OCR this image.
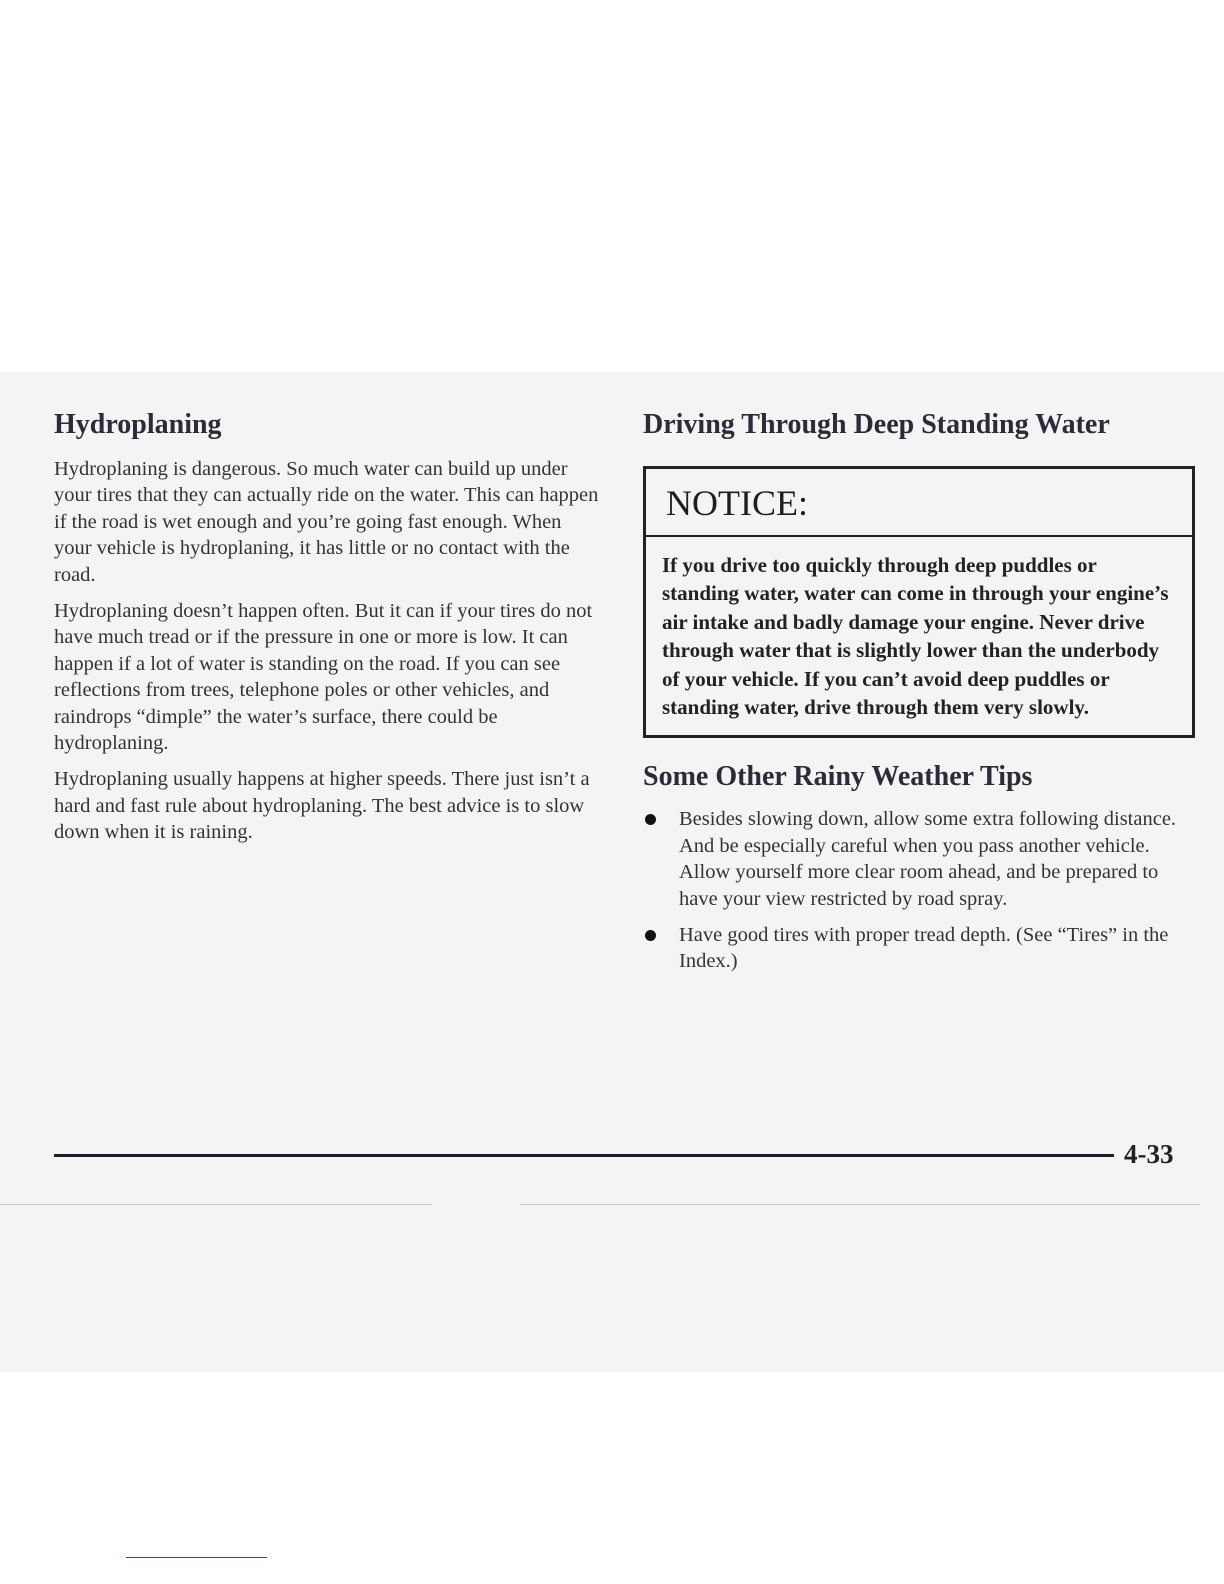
Hydroplaning

Hydroplaning is dangerous. So much water can build up under your tires that they can actually ride on the water. This can happen if the road is wet enough and you’re going fast enough. When your vehicle is hydroplaning, it has little or no contact with the road.

Hydroplaning doesn’t happen often. But it can if your tires do not have much tread or if the pressure in one or more is low. It can happen if a lot of water is standing on the road. If you can see reflections from trees, telephone poles or other vehicles, and raindrops “dimple” the water’s surface, there could be hydroplaning.

Hydroplaning usually happens at higher speeds. There just isn’t a hard and fast rule about hydroplaning. The best advice is to slow down when it is raining.

Driving Through Deep Standing Water
NOTICE:
If you drive too quickly through deep puddles or standing water, water can come in through your engine’s air intake and badly damage your engine. Never drive through water that is slightly lower than the underbody of your vehicle. If you can’t avoid deep puddles or standing water, drive through them very slowly.
Some Other Rainy Weather Tips
Besides slowing down, allow some extra following distance. And be especially careful when you pass another vehicle. Allow yourself more clear room ahead, and be prepared to have your view restricted by road spray.
Have good tires with proper tread depth. (See “Tires” in the Index.)
4-33
